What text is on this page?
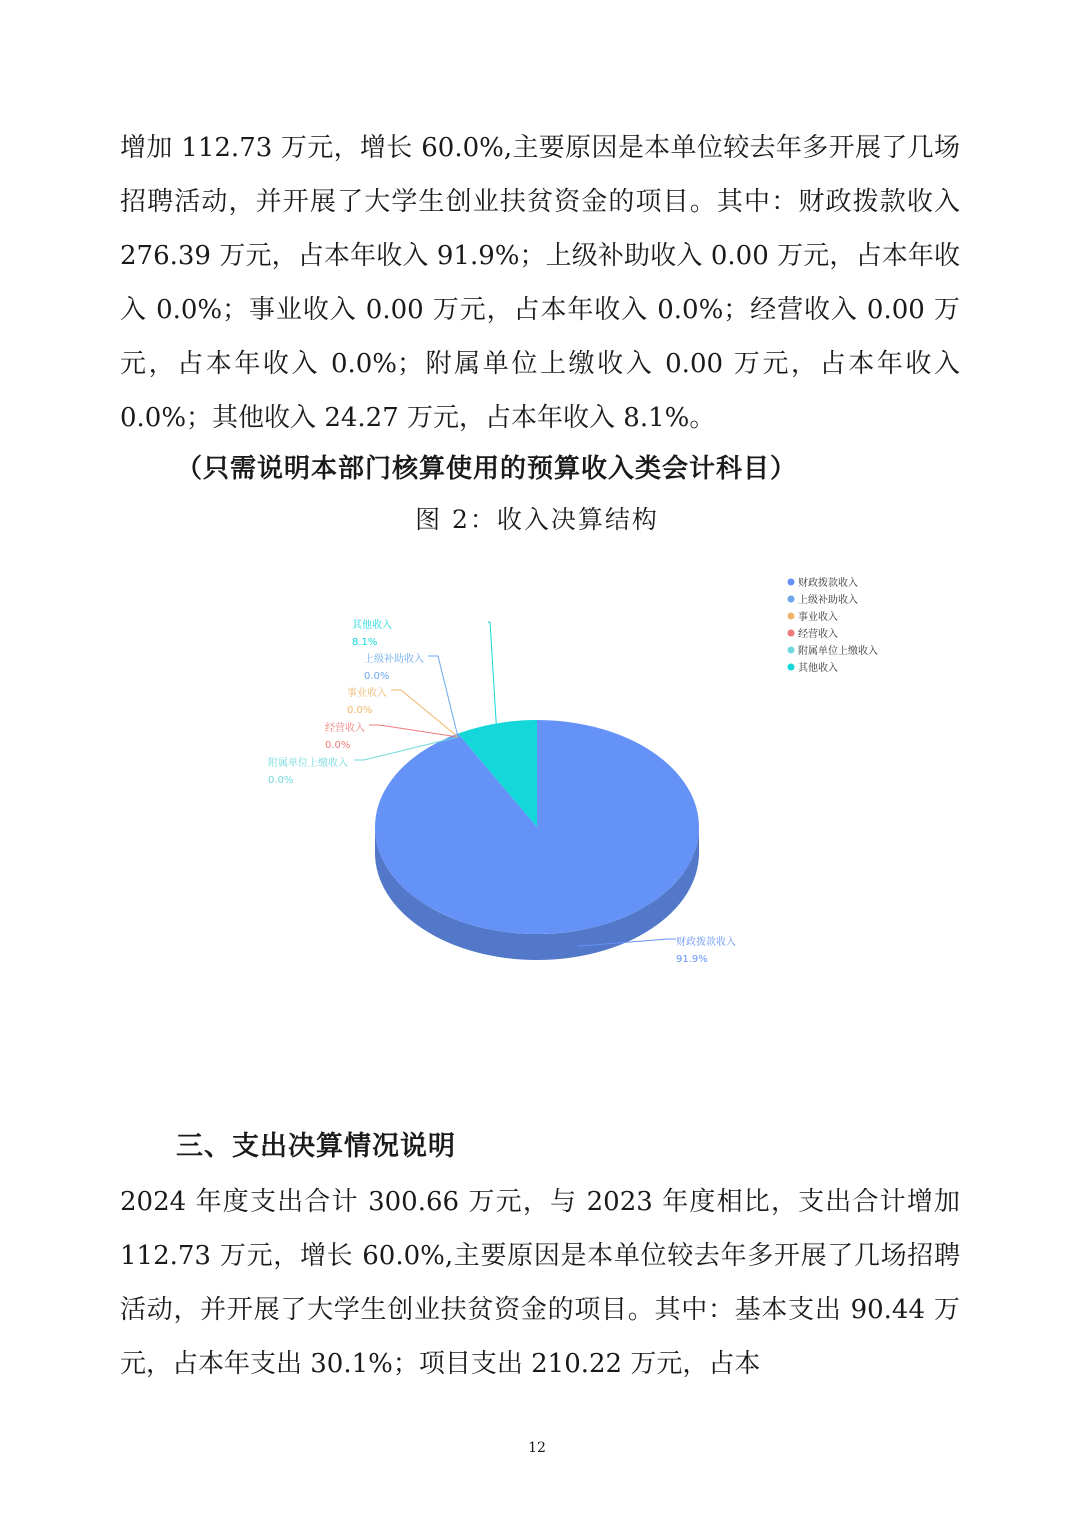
增加 112.73 万元，增长 60.0%,主要原因是本单位较去年多开展了几场招聘活动，并开展了大学生创业扶贫资金的项目。其中：财政拨款收入 276.39 万元，占本年收入 91.9%；上级补助收入 0.00 万元，占本年收入 0.0%；事业收入 0.00 万元，占本年收入 0.0%；经营收入 0.00 万元，占本年收入 0.0%；附属单位上缴收入 0.00 万元，占本年收入 0.0%；其他收入 24.27 万元，占本年收入 8.1%。

（只需说明本部门核算使用的预算收入类会计科目）

图 2：收入决算结构
财政拨款收入
91.9%
上级补助收入
0.0%
事业收入
0.0%
经营收入
0.0%
附属单位上缴收入
0.0%
其他收入
8.1%
财政拨款收入
上级补助收入
事业收入
经营收入
附属单位上缴收入
其他收入
三、支出决算情况说明

2024 年度支出合计 300.66 万元，与 2023 年度相比，支出合计增加 112.73 万元，增长 60.0%,主要原因是本单位较去年多开展了几场招聘活动，并开展了大学生创业扶贫资金的项目。其中：基本支出 90.44 万元，占本年支出 30.1%；项目支出 210.22 万元，占本

12
